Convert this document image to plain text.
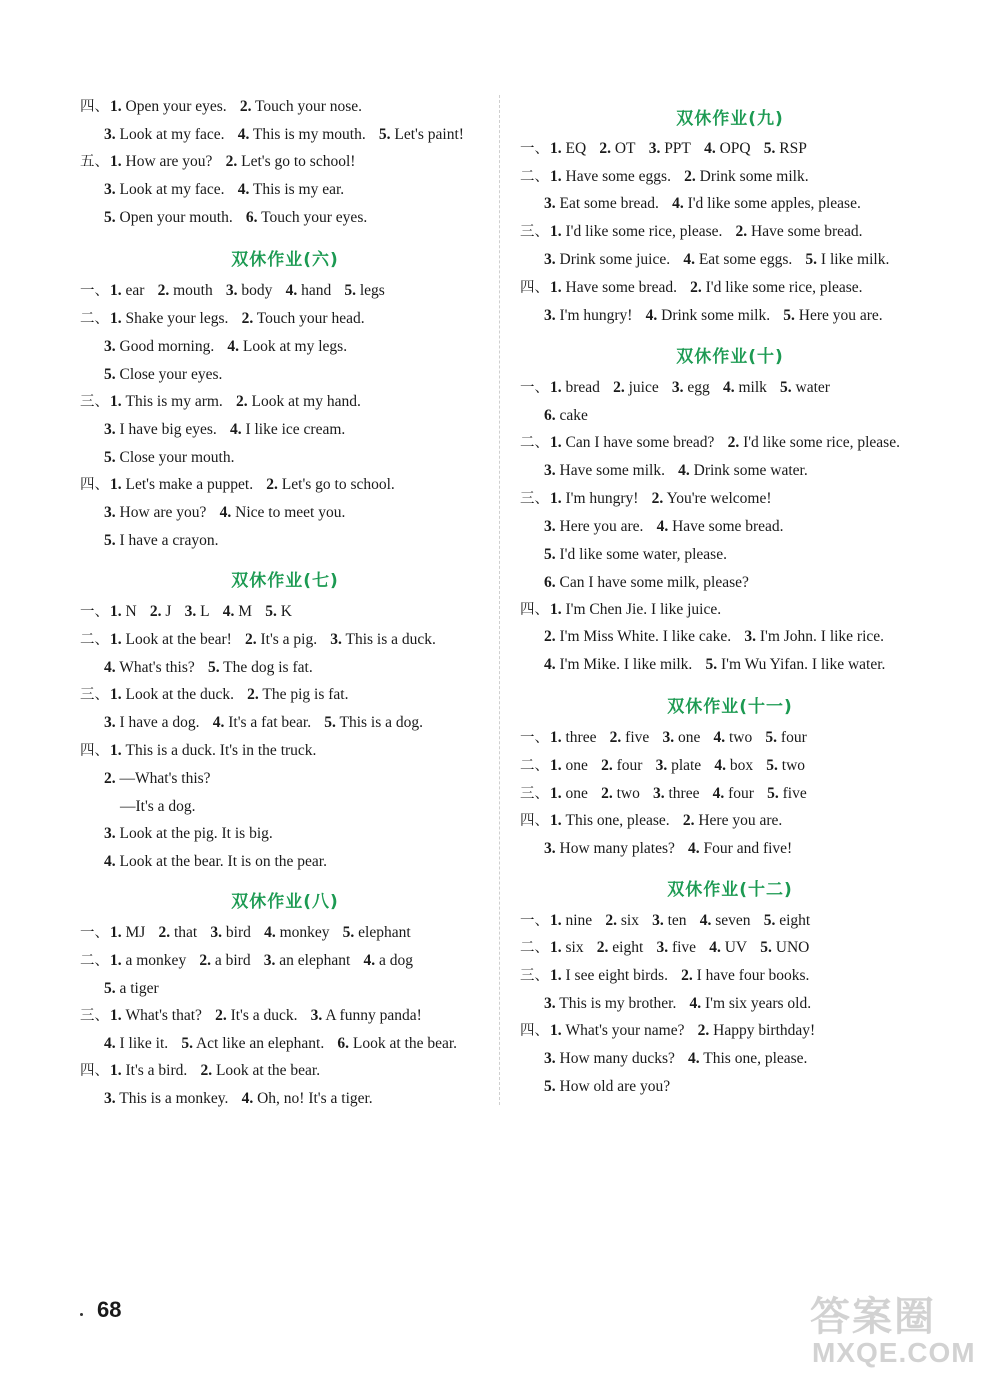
四、1. Open your eyes. 2. Touch your nose.
3. Look at my face. 4. This is my mouth. 5. Let's paint!
五、1. How are you? 2. Let's go to school!
3. Look at my face. 4. This is my ear.
5. Open your mouth. 6. Touch your eyes.
双休作业(六)
一、1. ear 2. mouth 3. body 4. hand 5. legs
二、1. Shake your legs. 2. Touch your head.
3. Good morning. 4. Look at my legs.
5. Close your eyes.
三、1. This is my arm. 2. Look at my hand.
3. I have big eyes. 4. I like ice cream.
5. Close your mouth.
四、1. Let's make a puppet. 2. Let's go to school.
3. How are you? 4. Nice to meet you.
5. I have a crayon.
双休作业(七)
一、1. N 2. J 3. L 4. M 5. K
二、1. Look at the bear! 2. It's a pig. 3. This is a duck.
4. What's this? 5. The dog is fat.
三、1. Look at the duck. 2. The pig is fat.
3. I have a dog. 4. It's a fat bear. 5. This is a dog.
四、1. This is a duck. It's in the truck.
2. —What's this?
—It's a dog.
3. Look at the pig. It is big.
4. Look at the bear. It is on the pear.
双休作业(八)
一、1. MJ 2. that 3. bird 4. monkey 5. elephant
二、1. a monkey 2. a bird 3. an elephant 4. a dog
5. a tiger
三、1. What's that? 2. It's a duck. 3. A funny panda!
4. I like it. 5. Act like an elephant. 6. Look at the bear.
四、1. It's a bird. 2. Look at the bear.
3. This is a monkey. 4. Oh, no! It's a tiger.
双休作业(九)
一、1. EQ 2. OT 3. PPT 4. OPQ 5. RSP
二、1. Have some eggs. 2. Drink some milk.
3. Eat some bread. 4. I'd like some apples, please.
三、1. I'd like some rice, please. 2. Have some bread.
3. Drink some juice. 4. Eat some eggs. 5. I like milk.
四、1. Have some bread. 2. I'd like some rice, please.
3. I'm hungry! 4. Drink some milk. 5. Here you are.
双休作业(十)
一、1. bread 2. juice 3. egg 4. milk 5. water
6. cake
二、1. Can I have some bread? 2. I'd like some rice, please.
3. Have some milk. 4. Drink some water.
三、1. I'm hungry! 2. You're welcome!
3. Here you are. 4. Have some bread.
5. I'd like some water, please.
6. Can I have some milk, please?
四、1. I'm Chen Jie. I like juice.
2. I'm Miss White. I like cake. 3. I'm John. I like rice.
4. I'm Mike. I like milk. 5. I'm Wu Yifan. I like water.
双休作业(十一)
一、1. three 2. five 3. one 4. two 5. four
二、1. one 2. four 3. plate 4. box 5. two
三、1. one 2. two 3. three 4. four 5. five
四、1. This one, please. 2. Here you are.
3. How many plates? 4. Four and five!
双休作业(十二)
一、1. nine 2. six 3. ten 4. seven 5. eight
二、1. six 2. eight 3. five 4. UV 5. UNO
三、1. I see eight birds. 2. I have four books.
3. This is my brother. 4. I'm six years old.
四、1. What's your name? 2. Happy birthday!
3. How many ducks? 4. This one, please.
5. How old are you?
68	答案圈
MXQE.COM
